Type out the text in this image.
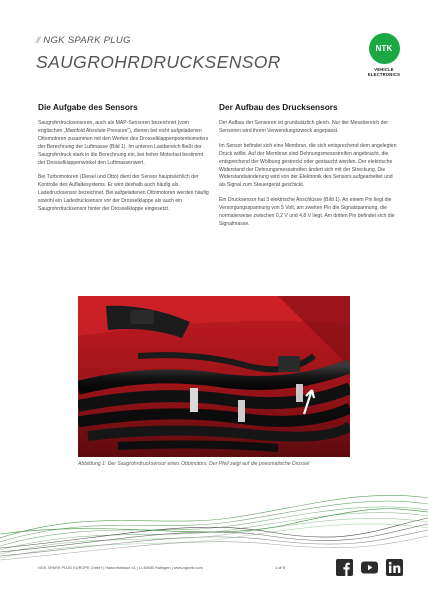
// NGK SPARK PLUG
SAUGROHRDRUCKSENSOR
NTK
VEHICLE
ELECTRONICS
Die Aufgabe des Sensors

Saugrohrdrucksensoren, auch als MAP-Sensoren bezeichnet (vom englischen „Manifold Absolute Pressure“), dienen bei nicht aufgeladenen Ottomotoren zusammen mit den Werten des Drosselklappenpotentiometers der Berechnung der Luftmasse (Bild 1). Im unteren Lastbereich fließt der Saugrohrdruck stark in die Berechnung ein, bei hoher Motorlast bestimmt der Drosselklappenwinkel den Luftmassenwert.

Bei Turbomotoren (Diesel und Otto) dient der Sensor hauptsächlich der Kontrolle des Aufladesystems. Er wird deshalb auch häufig als Ladedrucksensor bezeichnet. Bei aufgeladenen Ottomotoren werden häufig sowohl ein Ladedrucksensor vor der Drosselklappe als auch ein Saugrohrdrucksensor hinter der Drosselklappe eingesetzt.

Der Aufbau des Drucksensors

Der Aufbau der Sensoren ist grundsätzlich gleich. Nur der Messbereich der Sensoren wird ihrem Verwendungszweck angepasst.

Im Sensor befindet sich eine Membran, die sich entsprechend dem angelegten Druck wölbt. Auf der Membran sind Dehnungsmessstreifen angebracht, die entsprechend der Wölbung gestreckt oder gestaucht werden. Der elektrische Widerstand der Dehnungsmessstreifen ändert sich mit der Streckung. Die Widerstandsänderung wird von der Elektronik des Sensors aufgearbeitet und als Signal zum Steuergerät geschickt.

Ein Drucksensor hat 3 elektrische Anschlüsse (Bild 1). An einem Pin liegt die Versorgungsspannung von 5 Volt, am zweiten Pin die Signalspannung, die normalerweise zwischen 0,2 V und 4,8 V liegt. Am dritten Pin befindet sich die Signalmasse.

Abbildung 1: Der Saugrohrdrucksensor eines Ottomotors. Der Pfeil zeigt auf die pneumatische Drossel
NGK SPARK PLUG EUROPE GmbH | Harkortstrasse 41 | D-40880 Ratingen | www.ngkntk.com	1 of 5
